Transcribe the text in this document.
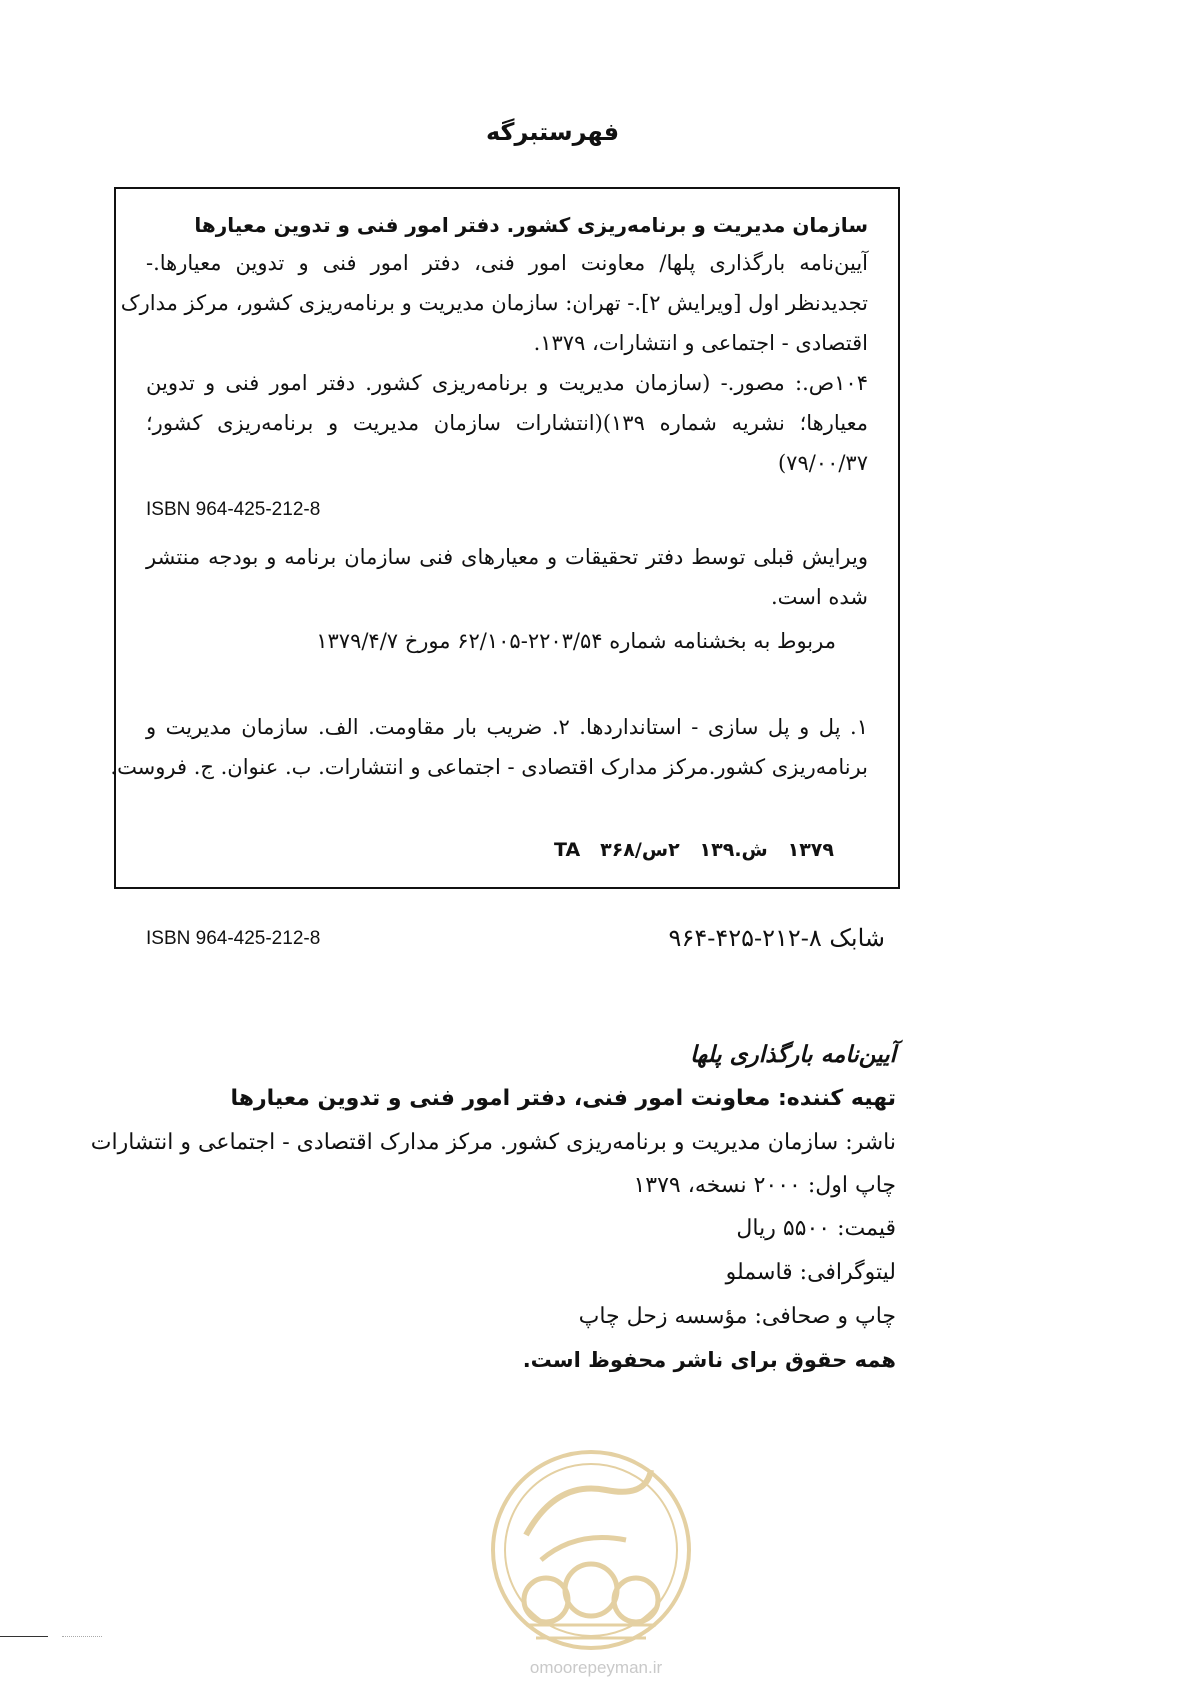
فهرستبرگه
سازمان مدیریت و برنامه‌ریزی کشور. دفتر امور فنی و تدوین معیارها
آیین‌نامه بارگذاری پلها/ معاونت امور فنی، دفتر امور فنی و تدوین معیارها.-
تجدیدنظر اول [ویرایش ۲].- تهران: سازمان مدیریت و برنامه‌ریزی کشور، مرکز مدارک
اقتصادی - اجتماعی و انتشارات، ۱۳۷۹.
۱۰۴ص.: مصور.- (سازمان مدیریت و برنامه‌ریزی کشور. دفتر امور فنی و تدوین
معیارها؛ نشریه شماره ۱۳۹)(انتشارات سازمان مدیریت و برنامه‌ریزی کشور؛
(۷۹/۰۰/۳۷
ISBN 964-425-212-8
ویرایش قبلی توسط دفتر تحقیقات و معیارهای فنی سازمان برنامه و بودجه منتشر
شده است.
مربوط به بخشنامه شماره ۲۲۰۳/۵۴-۶۲/۱۰۵ مورخ ۱۳۷۹/۴/۷
۱. پل و پل سازی - استانداردها. ۲. ضریب بار مقاومت. الف. سازمان مدیریت و
برنامه‌ریزی کشور.مرکز مدارک اقتصادی - اجتماعی و انتشارات. ب. عنوان. ج. فروست.
۱۳۷۹   ش.۱۳۹   ۲س/۳۶۸   TA
ISBN 964-425-212-8	شابک ۸-۲۱۲-۴۲۵-۹۶۴
آیین‌نامه بارگذاری پلها
تهیه کننده: معاونت امور فنی، دفتر امور فنی و تدوین معیارها
ناشر: سازمان مدیریت و برنامه‌ریزی کشور. مرکز مدارک اقتصادی - اجتماعی و انتشارات
چاپ اول: ۲۰۰۰ نسخه، ۱۳۷۹
قیمت: ۵۵۰۰ ریال
لیتوگرافی: قاسملو
چاپ و صحافی: مؤسسه زحل چاپ
همه حقوق برای ناشر محفوظ است.
omoorepeyman.ir
